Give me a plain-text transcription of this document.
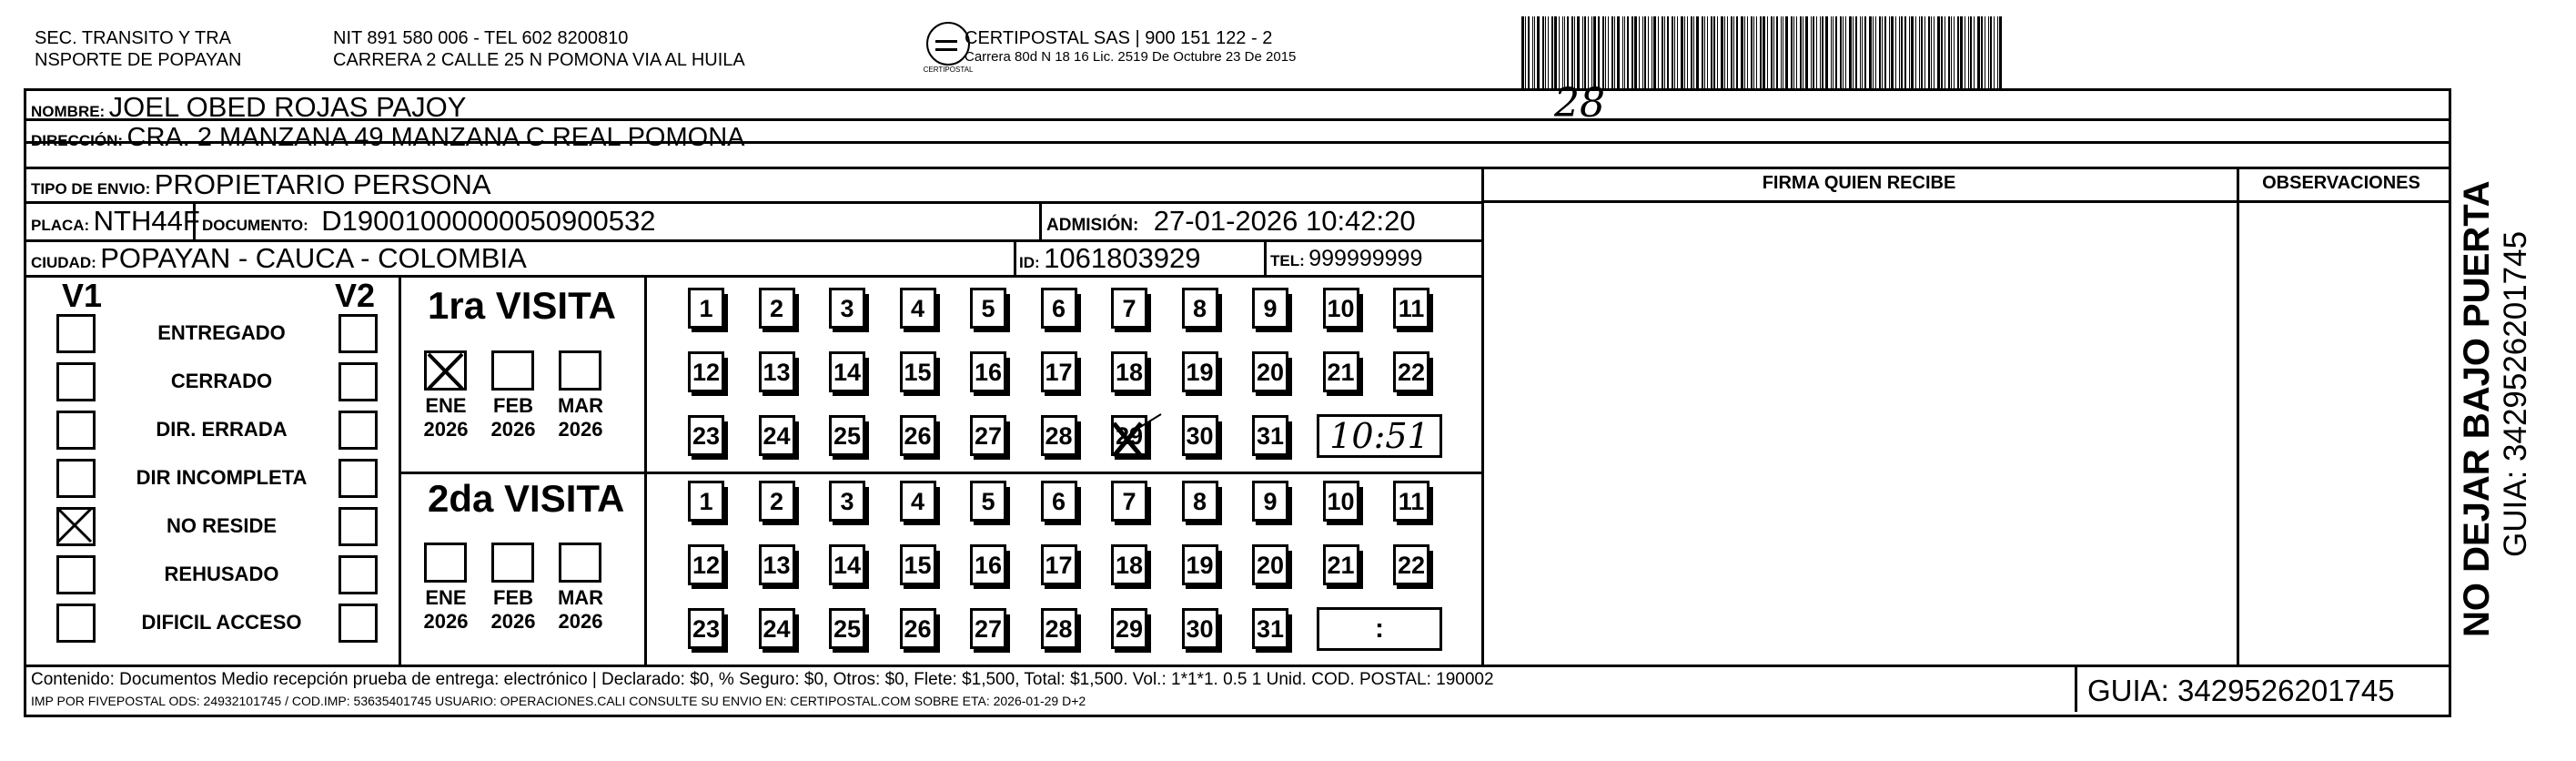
SEC. TRANSITO Y TRA
NSPORTE DE POPAYAN
NIT 891 580 006 - TEL 602 8200810
CARRERA 2 CALLE 25 N POMONA VIA AL HUILA	CERTIPOSTAL
CERTIPOSTAL SAS | 900 151 122 - 2
Carrera 80d N 18 16 Lic. 2519 De Octubre 23 De 2015
NOMBRE: JOEL OBED ROJAS PAJOY	28
DIRECCIÓN: CRA. 2 MANZANA 49 MANZANA C REAL POMONA
TIPO DE ENVIO: PROPIETARIO PERSONA	FIRMA QUIEN RECIBE	OBSERVACIONES
PLACA: NTH44F DOCUMENTO: D19001000000050900532	ADMISIÓN: 27-01-2026 10:42:20
CIUDAD: POPAYAN - CAUCA - COLOMBIA	ID: 1061803929	TEL: 999999999
V1	V2
ENTREGADO
CERRADO
DIR. ERRADA
DIR INCOMPLETA
NO RESIDE
REHUSADO
DIFICIL ACCESO
1ra VISITA
ENE
2026
FEB
2026
MAR
2026
1	2	3	4	5	6	7	8	9	10 11
12 13 14 15 16 17 18 19 20 21 22
23 24 25 26 27 28 29 30 31 10:51
2da VISITA
ENE
2026
FEB
2026
MAR
2026
1	2	3	4	5	6	7	8	9	10 11
12 13 14 15 16 17 18 19 20 21 22
23 24 25 26 27 28 29 30 31	:
Contenido: Documentos Medio recepción prueba de entrega: electrónico | Declarado: $0, % Seguro: $0, Otros: $0, Flete: $1,500, Total: $1,500. Vol.: 1*1*1. 0.5 1 Unid. COD. POSTAL: 190002
IMP POR FIVEPOSTAL ODS: 24932101745 / COD.IMP: 53635401745 USUARIO: OPERACIONES.CALI CONSULTE SU ENVIO EN: CERTIPOSTAL.COM SOBRE ETA: 2026-01-29 D+2	GUIA: 3429526201745
NO DEJAR BAJO PUERTA GUIA: 3429526201745
